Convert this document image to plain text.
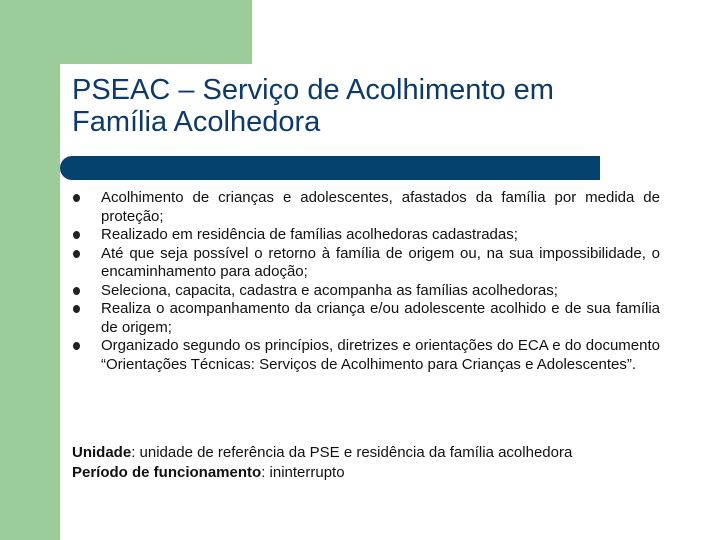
PSEAC – Serviço de Acolhimento em
Família Acolhedora
Acolhimento de crianças e adolescentes, afastados da família por medida de proteção;
Realizado em residência de famílias acolhedoras cadastradas;
Até que seja possível o retorno à família de origem ou, na sua impossibilidade, o encaminhamento para adoção;
Seleciona, capacita, cadastra e acompanha as famílias acolhedoras;
Realiza o acompanhamento da criança e/ou adolescente acolhido e de sua família de origem;
Organizado segundo os princípios, diretrizes e orientações do ECA e do documento “Orientações Técnicas: Serviços de Acolhimento para Crianças e Adolescentes”.
Unidade: unidade de referência da PSE e residência da família acolhedora
Período de funcionamento: ininterrupto
